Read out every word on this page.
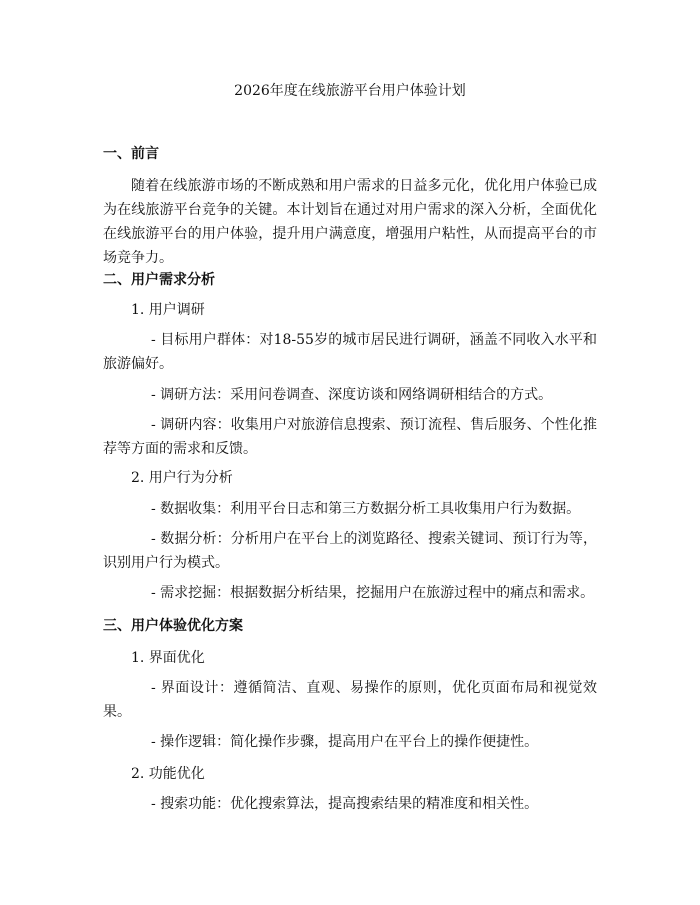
2026年度在线旅游平台用户体验计划
一、前言
随着在线旅游市场的不断成熟和用户需求的日益多元化，优化用户体验已成为在线旅游平台竞争的关键。本计划旨在通过对用户需求的深入分析，全面优化在线旅游平台的用户体验，提升用户满意度，增强用户粘性，从而提高平台的市场竞争力。
二、用户需求分析
1. 用户调研
- 目标用户群体：对18-55岁的城市居民进行调研，涵盖不同收入水平和旅游偏好。
- 调研方法：采用问卷调查、深度访谈和网络调研相结合的方式。
- 调研内容：收集用户对旅游信息搜索、预订流程、售后服务、个性化推荐等方面的需求和反馈。
2. 用户行为分析
- 数据收集：利用平台日志和第三方数据分析工具收集用户行为数据。
- 数据分析：分析用户在平台上的浏览路径、搜索关键词、预订行为等，识别用户行为模式。
- 需求挖掘：根据数据分析结果，挖掘用户在旅游过程中的痛点和需求。
三、用户体验优化方案
1. 界面优化
- 界面设计：遵循简洁、直观、易操作的原则，优化页面布局和视觉效果。
- 操作逻辑：简化操作步骤，提高用户在平台上的操作便捷性。
2. 功能优化
- 搜索功能：优化搜索算法，提高搜索结果的精准度和相关性。
